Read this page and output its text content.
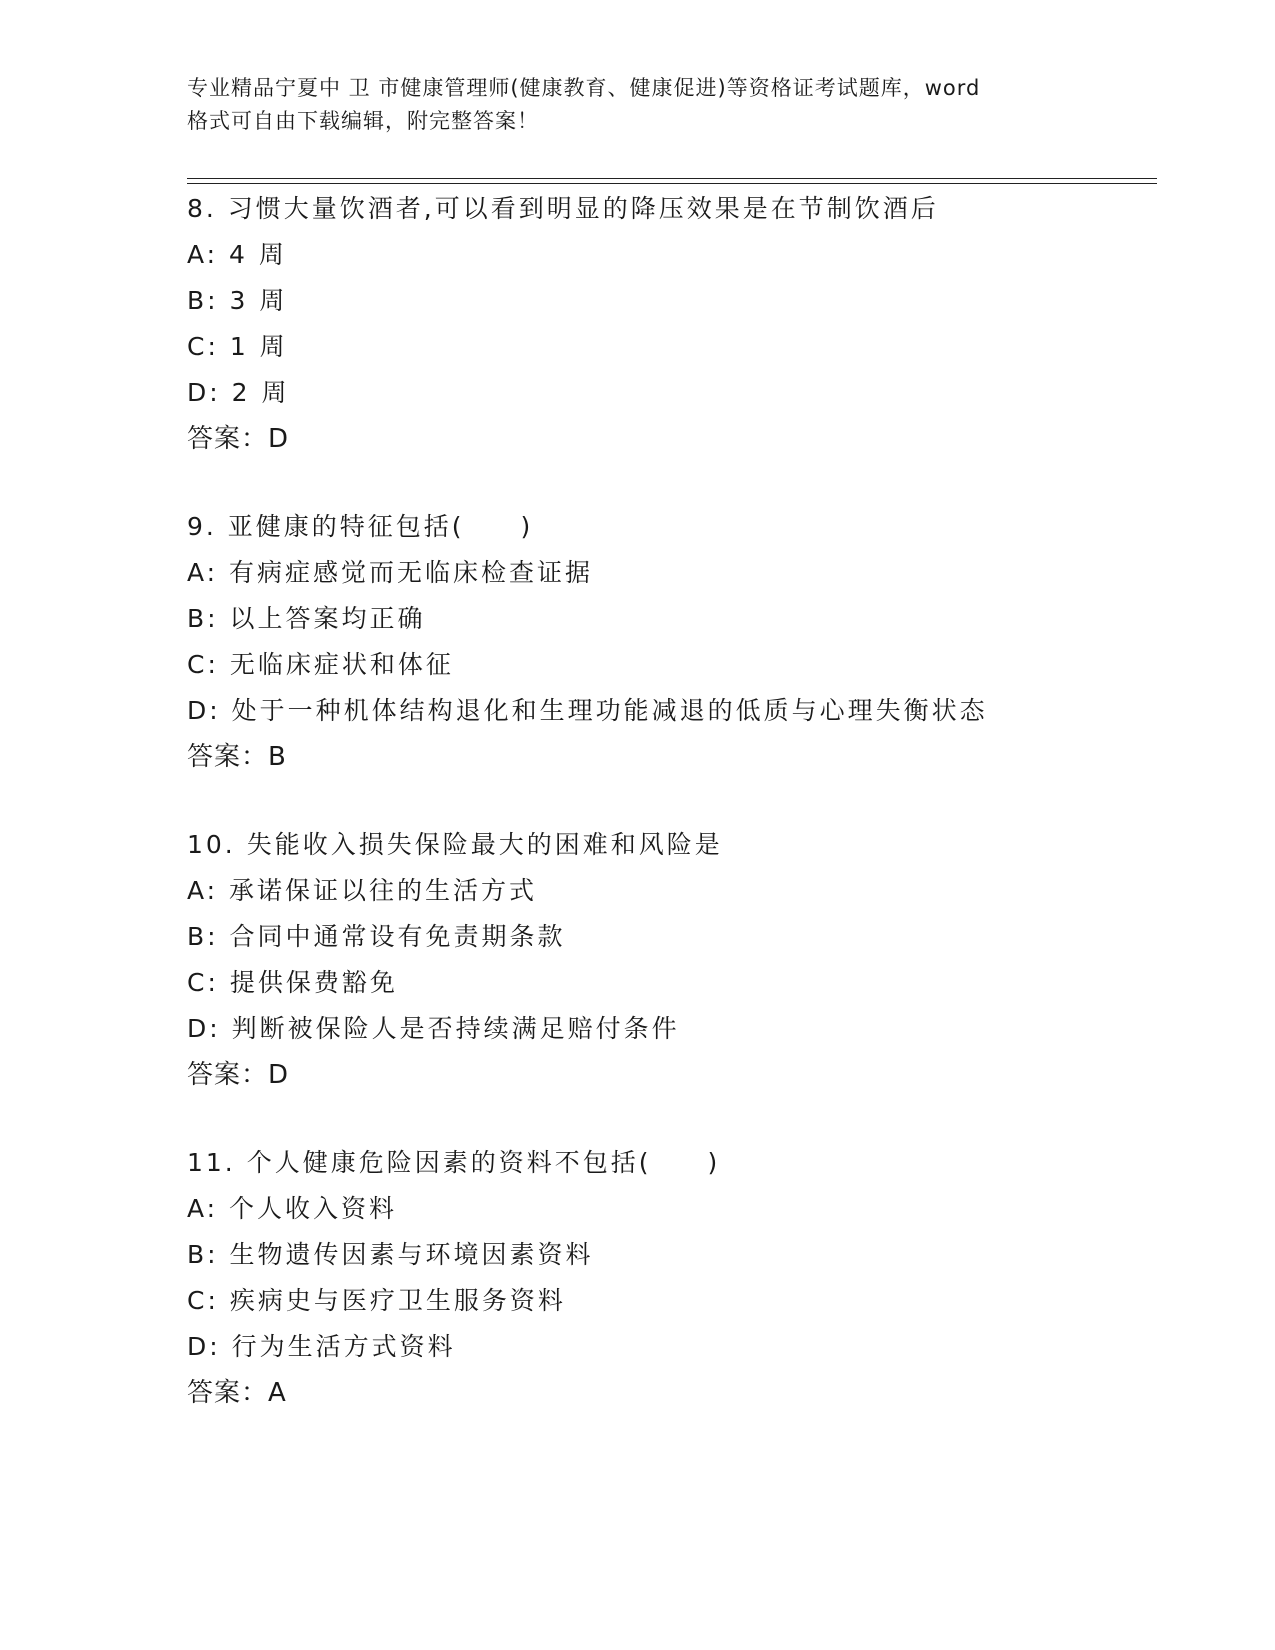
专业精品宁夏中 卫 市健康管理师(健康教育、健康促进)等资格证考试题库，word
格式可自由下载编辑，附完整答案！
8. 习惯大量饮酒者,可以看到明显的降压效果是在节制饮酒后
A: 4 周
B: 3 周
C: 1 周
D: 2 周
答案：D
9. 亚健康的特征包括(　　)
A: 有病症感觉而无临床检查证据
B: 以上答案均正确
C: 无临床症状和体征
D: 处于一种机体结构退化和生理功能减退的低质与心理失衡状态
答案：B
10. 失能收入损失保险最大的困难和风险是
A: 承诺保证以往的生活方式
B: 合同中通常设有免责期条款
C: 提供保费豁免
D: 判断被保险人是否持续满足赔付条件
答案：D
11. 个人健康危险因素的资料不包括(　　)
A: 个人收入资料
B: 生物遗传因素与环境因素资料
C: 疾病史与医疗卫生服务资料
D: 行为生活方式资料
答案：A
